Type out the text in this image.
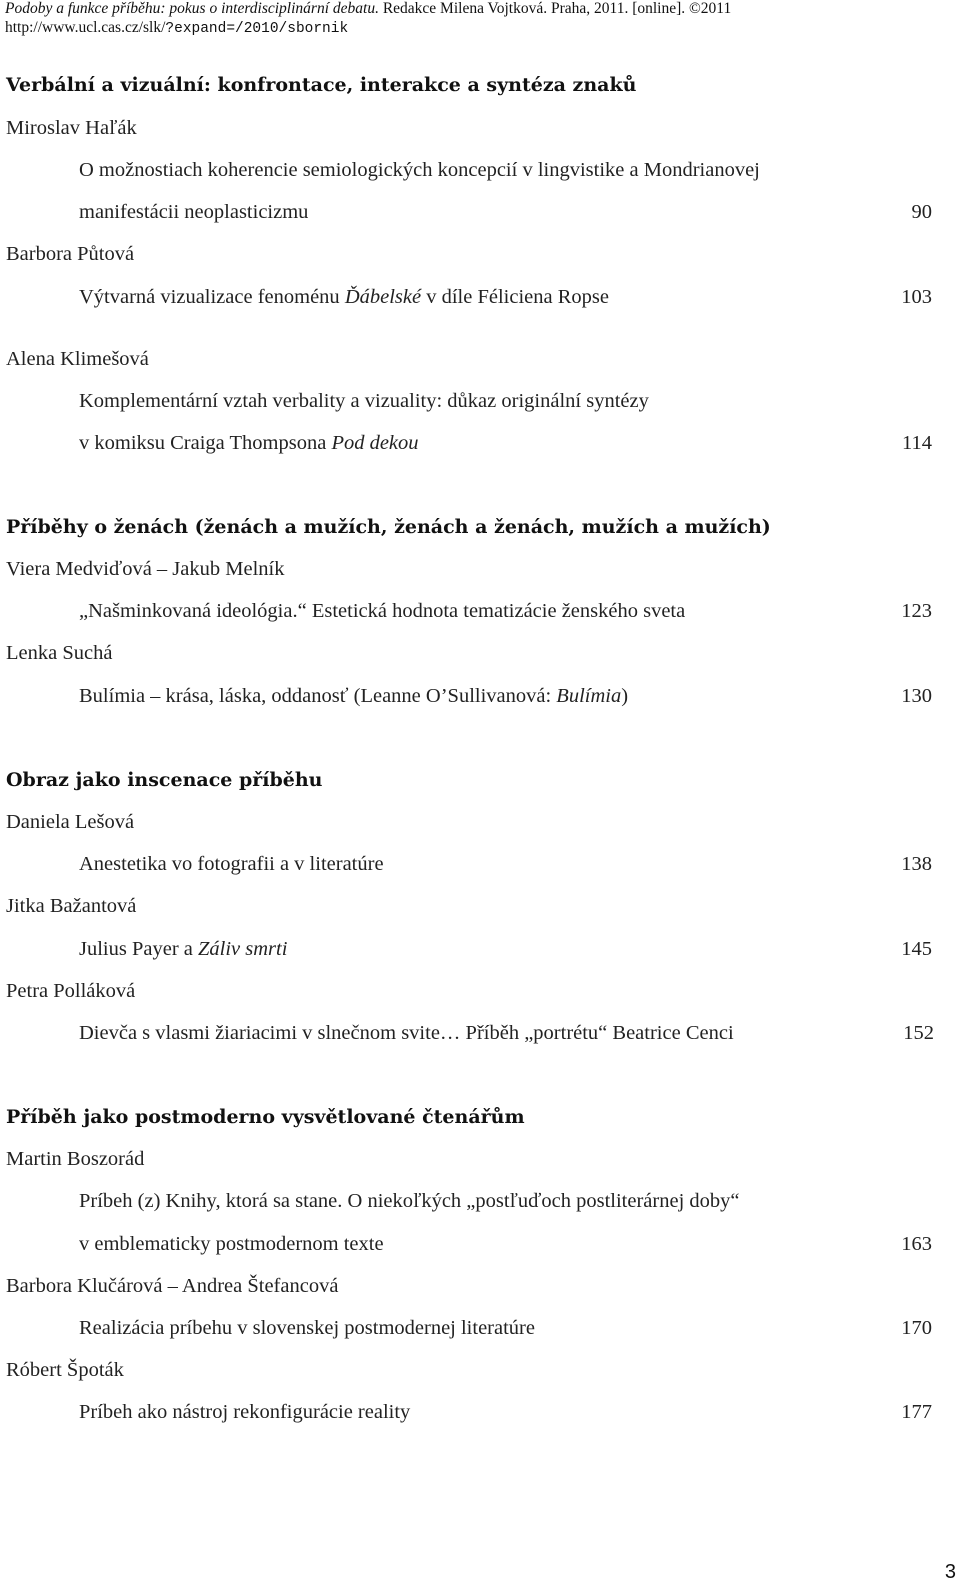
Podoby a funkce příběhu: pokus o interdisciplinární debatu. Redakce Milena Vojtková. Praha, 2011. [online]. ©2011
http://www.ucl.cas.cz/slk/?expand=/2010/sbornik
Verbální a vizuální: konfrontace, interakce a syntéza znaků
Miroslav Haľák
O možnostiach koherencie semiologických koncepcií v lingvistike a Mondrianovej
manifestácii neoplasticizmu	90
Barbora Půtová
Výtvarná vizualizace fenoménu Ďábelské v díle Féliciena Ropse	103
Alena Klimešová
Komplementární vztah verbality a vizuality: důkaz originální syntézy
v komiksu Craiga Thompsona Pod dekou	114
Příběhy o ženách (ženách a mužích, ženách a ženách, mužích a mužích)
Viera Medviďová – Jakub Melník
„Našminkovaná ideológia.“ Estetická hodnota tematizácie ženského sveta	123
Lenka Suchá
Bulímia – krása, láska, oddanosť (Leanne O’Sullivanová: Bulímia)	130
Obraz jako inscenace příběhu
Daniela Lešová
Anestetika vo fotografii a v literatúre	138
Jitka Bažantová
Julius Payer a Záliv smrti	145
Petra Polláková
Dievča s vlasmi žiariacimi v slnečnom svite… Příběh „portrétu“ Beatrice Cenci	152
Příběh jako postmoderno vysvětlované čtenářům
Martin Boszorád
Príbeh (z) Knihy, ktorá sa stane. O niekoľkých „postľuďoch postliterárnej doby“
v emblematicky postmodernom texte	163
Barbora Klučárová – Andrea Štefancová
Realizácia príbehu v slovenskej postmodernej literatúre	170
Róbert Špoták
Príbeh ako nástroj rekonfigurácie reality	177
3
